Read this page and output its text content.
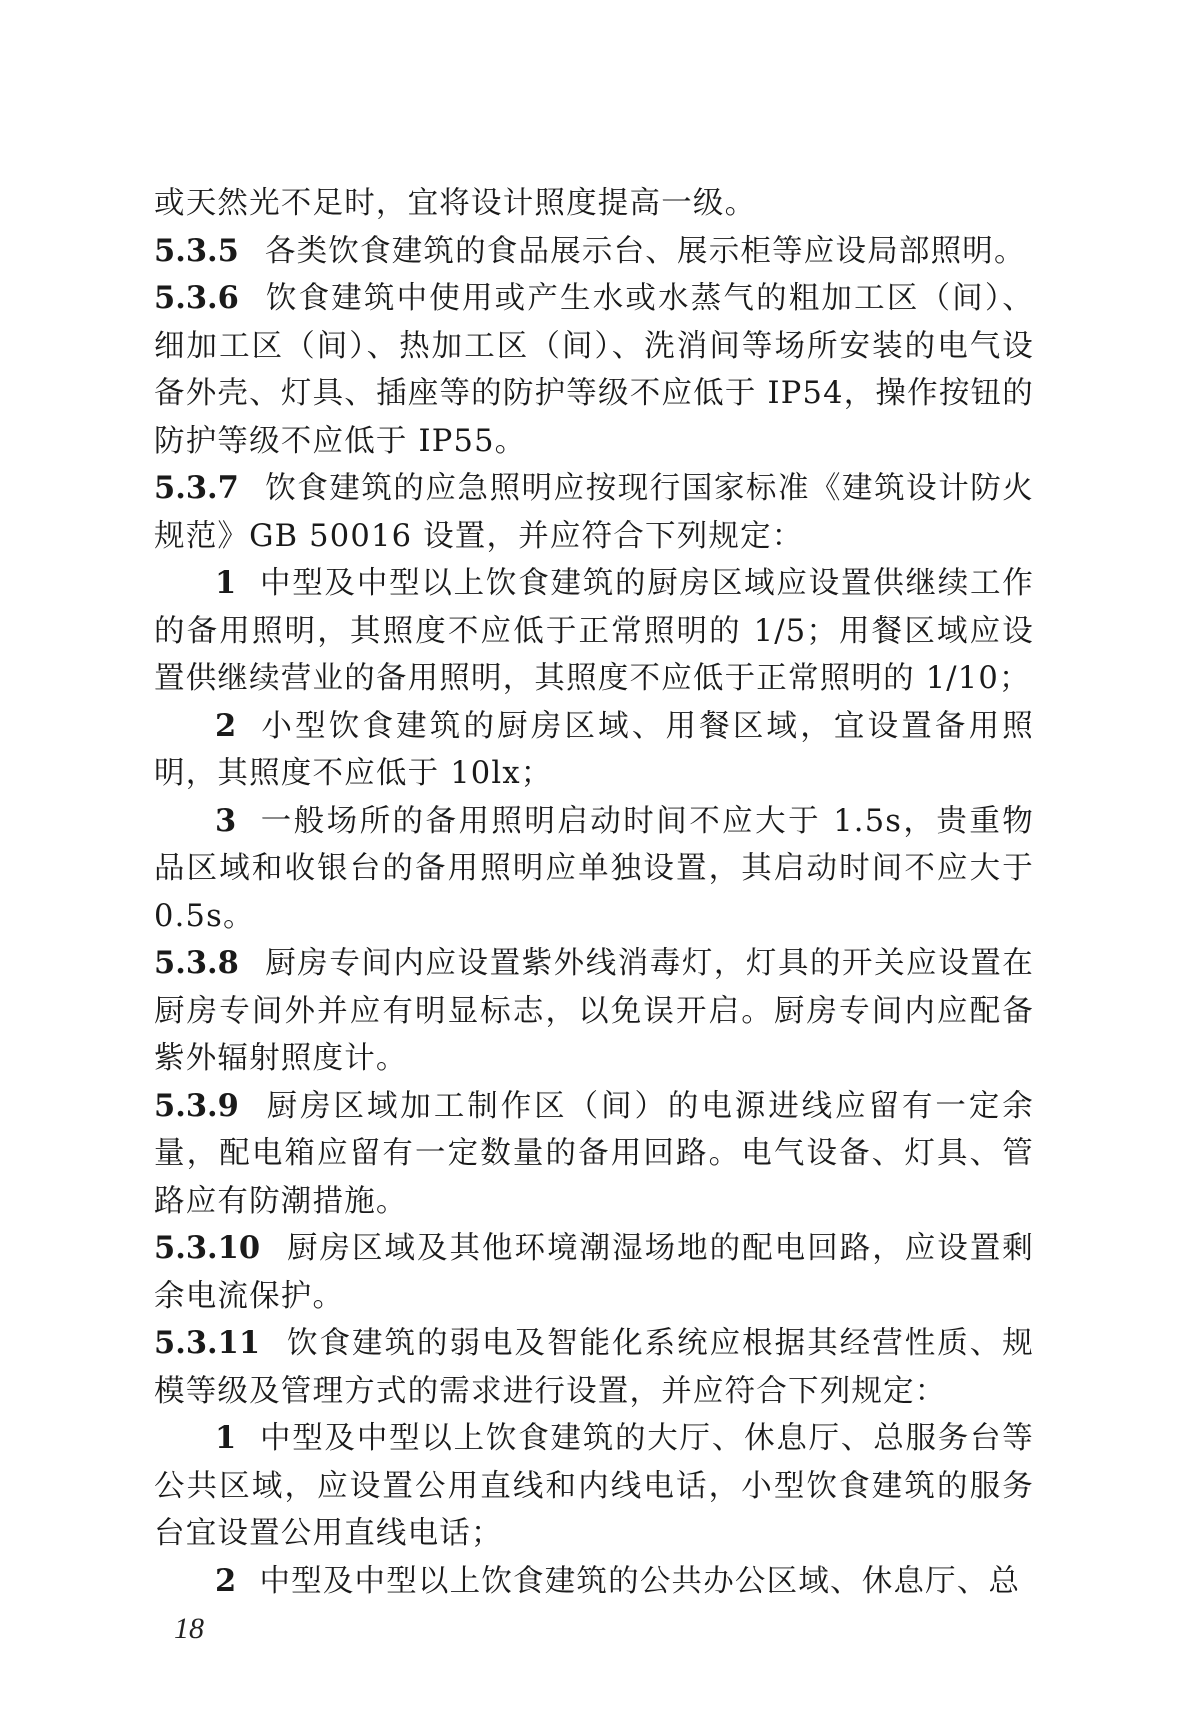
或天然光不足时，宜将设计照度提高一级。

5.3.5 各类饮食建筑的食品展示台、展示柜等应设局部照明。

5.3.6 饮食建筑中使用或产生水或水蒸气的粗加工区（间）、细加工区（间）、热加工区（间）、洗消间等场所安装的电气设备外壳、灯具、插座等的防护等级不应低于 IP54，操作按钮的防护等级不应低于 IP55。

5.3.7 饮食建筑的应急照明应按现行国家标准《建筑设计防火规范》GB 50016 设置，并应符合下列规定：

1 中型及中型以上饮食建筑的厨房区域应设置供继续工作的备用照明，其照度不应低于正常照明的 1/5；用餐区域应设置供继续营业的备用照明，其照度不应低于正常照明的 1/10；

2 小型饮食建筑的厨房区域、用餐区域，宜设置备用照明，其照度不应低于 10lx；

3 一般场所的备用照明启动时间不应大于 1.5s，贵重物品区域和收银台的备用照明应单独设置，其启动时间不应大于 0.5s。

5.3.8 厨房专间内应设置紫外线消毒灯，灯具的开关应设置在厨房专间外并应有明显标志，以免误开启。厨房专间内应配备紫外辐射照度计。

5.3.9 厨房区域加工制作区（间）的电源进线应留有一定余量，配电箱应留有一定数量的备用回路。电气设备、灯具、管路应有防潮措施。

5.3.10 厨房区域及其他环境潮湿场地的配电回路，应设置剩余电流保护。

5.3.11 饮食建筑的弱电及智能化系统应根据其经营性质、规模等级及管理方式的需求进行设置，并应符合下列规定：

1 中型及中型以上饮食建筑的大厅、休息厅、总服务台等公共区域，应设置公用直线和内线电话，小型饮食建筑的服务台宜设置公用直线电话；

2 中型及中型以上饮食建筑的公共办公区域、休息厅、总

18
